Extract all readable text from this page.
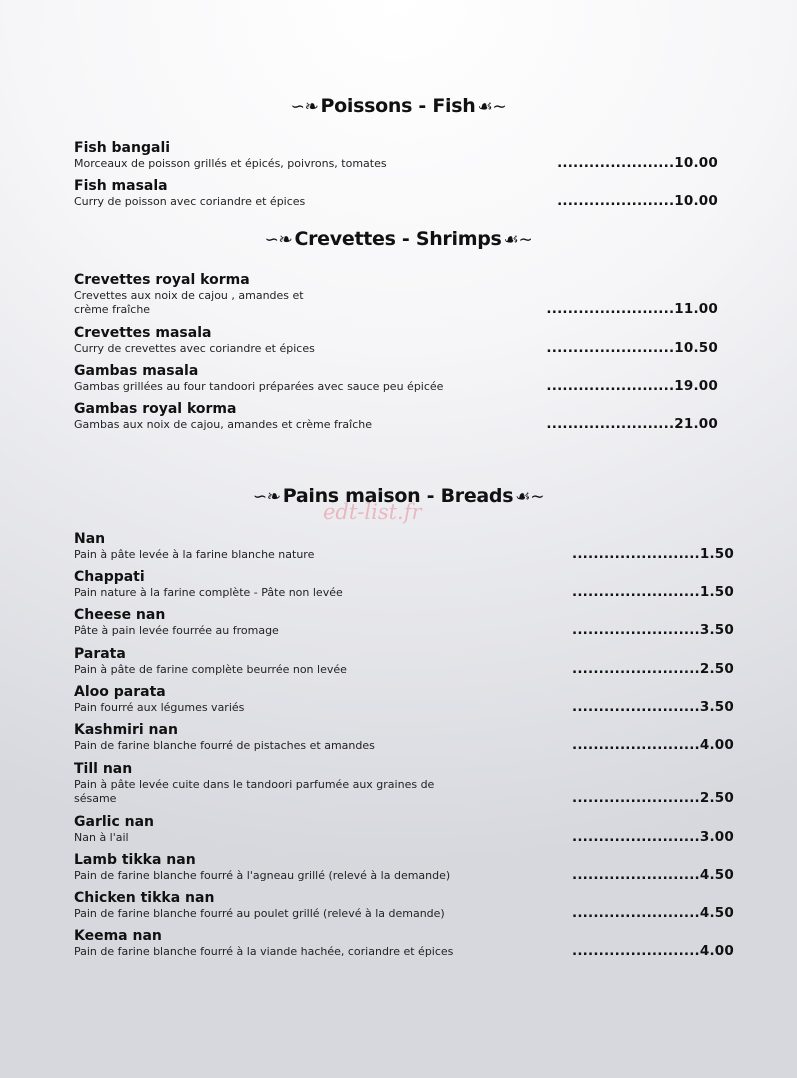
∽❧ Poissons - Fish ☙∼
Fish bangali
Morceaux de poisson grillés et épicés, poivrons, tomates	......................10.00
Fish masala
Curry de poisson avec coriandre et épices	......................10.00
∽❧ Crevettes - Shrimps ☙∼
Crevettes royal korma
Crevettes aux noix de cajou , amandes et crème fraîche	........................11.00
Crevettes masala
Curry de crevettes avec coriandre et épices	........................10.50
Gambas masala
Gambas grillées au four tandoori préparées avec sauce peu épicée	........................19.00
Gambas royal korma
Gambas aux noix de cajou, amandes et crème fraîche	........................21.00
∽❧ Pains maison - Breads ☙∼
edt-list.fr
Nan
Pain à pâte levée à la farine blanche nature	........................1.50
Chappati
Pain nature à la farine complète - Pâte non levée	........................1.50
Cheese nan
Pâte à pain levée fourrée au fromage	........................3.50
Parata
Pain à pâte de farine complète beurrée non levée	........................2.50
Aloo parata
Pain fourré aux légumes variés	........................3.50
Kashmiri nan
Pain de farine blanche fourré de pistaches et amandes	........................4.00
Till nan
Pain à pâte levée cuite dans le tandoori parfumée aux graines de sésame	........................2.50
Garlic nan
Nan à l'ail	........................3.00
Lamb tikka nan
Pain de farine blanche fourré à l'agneau grillé (relevé à la demande)	........................4.50
Chicken tikka nan
Pain de farine blanche fourré au poulet grillé (relevé à la demande)	........................4.50
Keema nan
Pain de farine blanche fourré à la viande hachée, coriandre et épices	........................4.00
